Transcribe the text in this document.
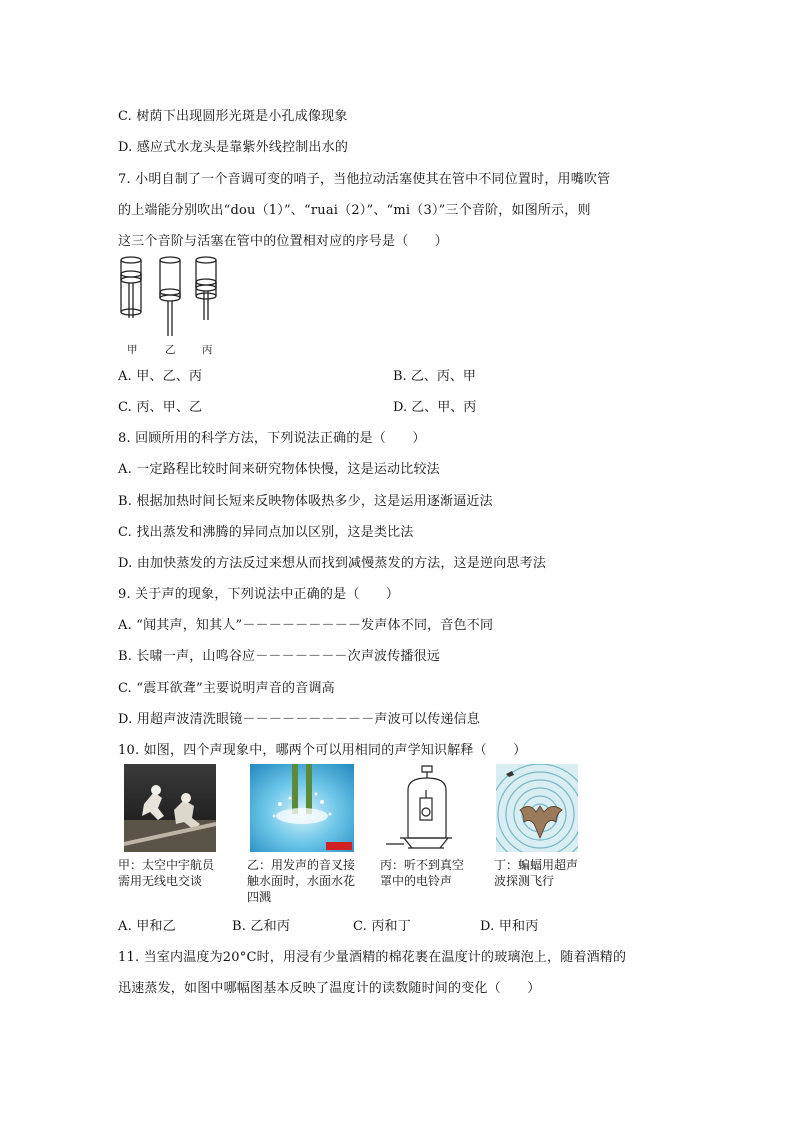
C. 树荫下出现圆形光斑是小孔成像现象
D. 感应式水龙头是靠紫外线控制出水的
7. 小明自制了一个音调可变的哨子，当他拉动活塞使其在管中不同位置时，用嘴吹管
的上端能分别吹出“dou（1）”、“ruai（2）”、“mi（3）”三个音阶，如图所示，则
这三个音阶与活塞在管中的位置相对应的序号是（　　）
甲	乙	丙
A. 甲、乙、丙	B. 乙、丙、甲
C. 丙、甲、乙	D. 乙、甲、丙
8. 回顾所用的科学方法，下列说法正确的是（　　）
A. 一定路程比较时间来研究物体快慢，这是运动比较法
B. 根据加热时间长短来反映物体吸热多少，这是运用逐渐逼近法
C. 找出蒸发和沸腾的异同点加以区别，这是类比法
D. 由加快蒸发的方法反过来想从而找到减慢蒸发的方法，这是逆向思考法
9. 关于声的现象，下列说法中正确的是（　　）
A. “闻其声，知其人”－－－－－－－－－发声体不同，音色不同
B. 长啸一声，山鸣谷应－－－－－－－次声波传播很远
C. “震耳欲聋”主要说明声音的音调高
D. 用超声波清洗眼镜－－－－－－－－－－声波可以传递信息
10. 如图，四个声现象中，哪两个可以用相同的声学知识解释（　　）
甲：太空中宇航员
需用无线电交谈
乙：用发声的音叉接
触水面时，水面水花
四溅
丙：听不到真空
罩中的电铃声
丁：蝙蝠用超声
波探测飞行
A. 甲和乙	B. 乙和丙	C. 丙和丁	D. 甲和丙
11. 当室内温度为20°C时，用浸有少量酒精的棉花裹在温度计的玻璃泡上，随着酒精的
迅速蒸发，如图中哪幅图基本反映了温度计的读数随时间的变化（　　）
